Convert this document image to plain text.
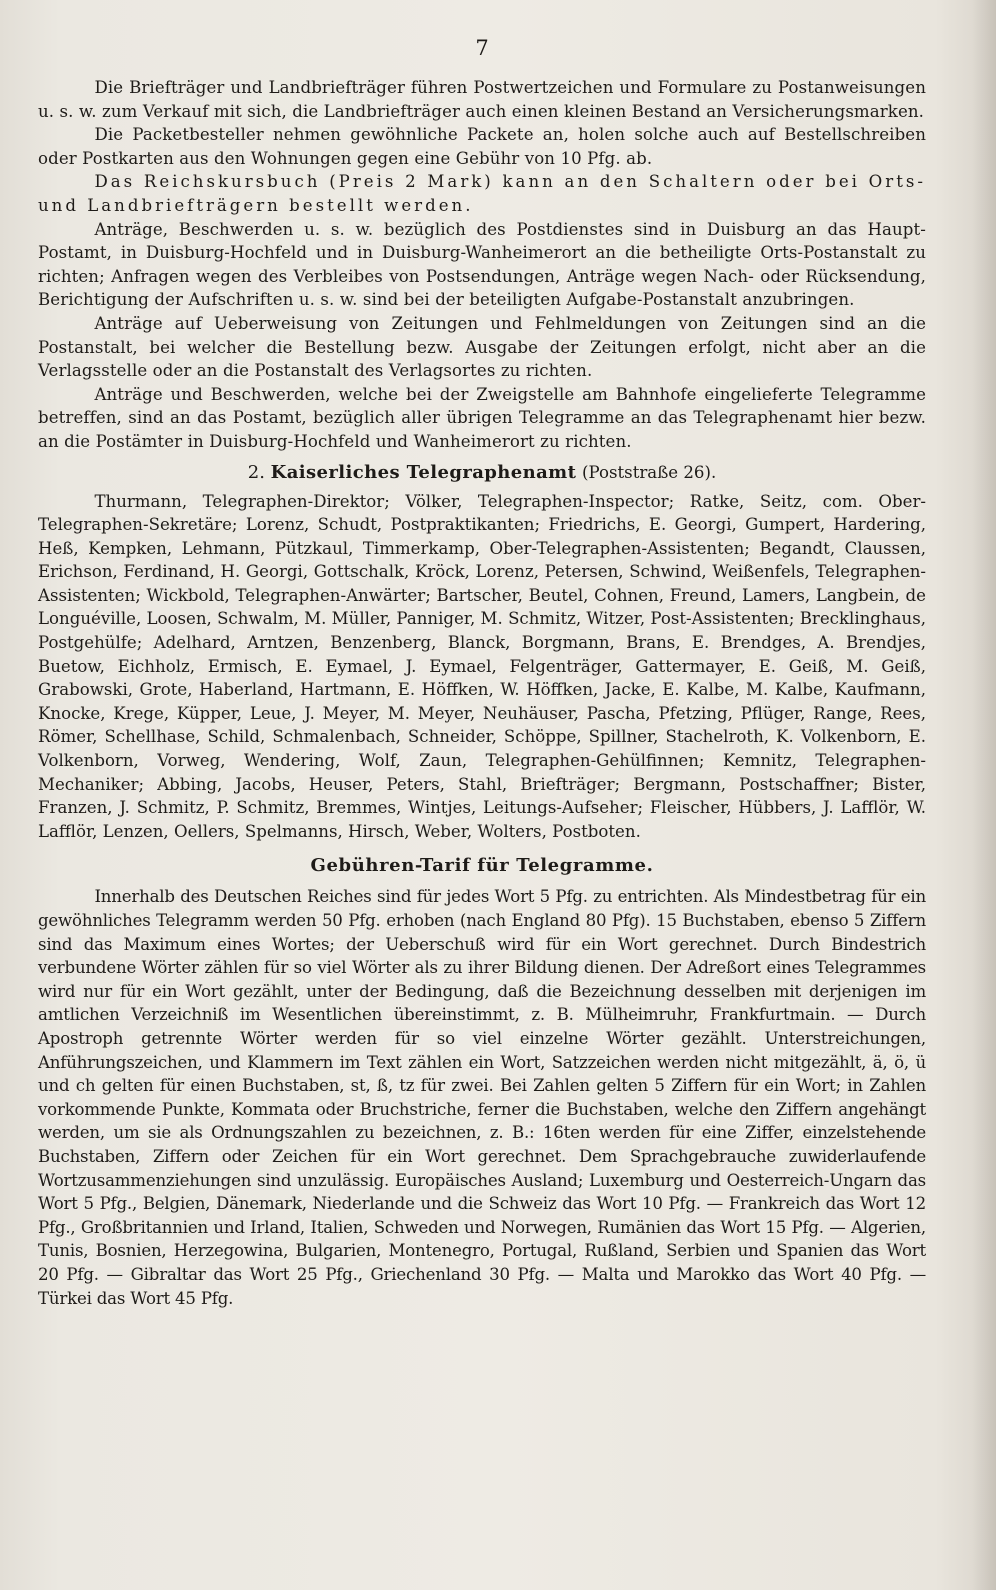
7

Die Briefträger und Landbriefträger führen Postwertzeichen und Formulare zu Postanweisungen u. s. w. zum Verkauf mit sich, die Landbriefträger auch einen kleinen Bestand an Versicherungsmarken.

Die Packetbesteller nehmen gewöhnliche Packete an, holen solche auch auf Bestellschreiben oder Postkarten aus den Wohnungen gegen eine Gebühr von 10 Pfg. ab.

Das Reichskursbuch (Preis 2 Mark) kann an den Schaltern oder bei Orts- und Landbriefträgern bestellt werden.

Anträge, Beschwerden u. s. w. bezüglich des Postdienstes sind in Duisburg an das Haupt-Postamt, in Duisburg-Hochfeld und in Duisburg-Wanheimerort an die betheiligte Orts-Postanstalt zu richten; Anfragen wegen des Verbleibes von Postsendungen, Anträge wegen Nach- oder Rücksendung, Berichtigung der Aufschriften u. s. w. sind bei der beteiligten Aufgabe-Postanstalt anzubringen.

Anträge auf Ueberweisung von Zeitungen und Fehlmeldungen von Zeitungen sind an die Postanstalt, bei welcher die Bestellung bezw. Ausgabe der Zeitungen erfolgt, nicht aber an die Verlagsstelle oder an die Postanstalt des Verlagsortes zu richten.

Anträge und Beschwerden, welche bei der Zweigstelle am Bahnhofe eingelieferte Telegramme betreffen, sind an das Postamt, bezüglich aller übrigen Telegramme an das Telegraphenamt hier bezw. an die Postämter in Duisburg-Hochfeld und Wanheimerort zu richten.

2. Kaiserliches Telegraphenamt (Poststraße 26).

Thurmann, Telegraphen-Direktor; Völker, Telegraphen-Inspector; Ratke, Seitz, com. Ober-Telegraphen-Sekretäre; Lorenz, Schudt, Postpraktikanten; Friedrichs, E. Georgi, Gumpert, Hardering, Heß, Kempken, Lehmann, Pützkaul, Timmerkamp, Ober-Telegraphen-Assistenten; Begandt, Claussen, Erichson, Ferdinand, H. Georgi, Gottschalk, Kröck, Lorenz, Petersen, Schwind, Weißenfels, Telegraphen-Assistenten; Wickbold, Telegraphen-Anwärter; Bartscher, Beutel, Cohnen, Freund, Lamers, Langbein, de Longuéville, Loosen, Schwalm, M. Müller, Panniger, M. Schmitz, Witzer, Post-Assistenten; Brecklinghaus, Postgehülfe; Adelhard, Arntzen, Benzenberg, Blanck, Borgmann, Brans, E. Brendges, A. Brendjes, Buetow, Eichholz, Ermisch, E. Eymael, J. Eymael, Felgenträger, Gattermayer, E. Geiß, M. Geiß, Grabowski, Grote, Haberland, Hartmann, E. Höffken, W. Höffken, Jacke, E. Kalbe, M. Kalbe, Kaufmann, Knocke, Krege, Küpper, Leue, J. Meyer, M. Meyer, Neuhäuser, Pascha, Pfetzing, Pflüger, Range, Rees, Römer, Schellhase, Schild, Schmalenbach, Schneider, Schöppe, Spillner, Stachelroth, K. Volkenborn, E. Volkenborn, Vorweg, Wendering, Wolf, Zaun, Telegraphen-Gehülfinnen; Kemnitz, Telegraphen-Mechaniker; Abbing, Jacobs, Heuser, Peters, Stahl, Briefträger; Bergmann, Postschaffner; Bister, Franzen, J. Schmitz, P. Schmitz, Bremmes, Wintjes, Leitungs-Aufseher; Fleischer, Hübbers, J. Lafflör, W. Lafflör, Lenzen, Oellers, Spelmanns, Hirsch, Weber, Wolters, Postboten.

Gebühren-Tarif für Telegramme.

Innerhalb des Deutschen Reiches sind für jedes Wort 5 Pfg. zu entrichten. Als Mindestbetrag für ein gewöhnliches Telegramm werden 50 Pfg. erhoben (nach England 80 Pfg). 15 Buchstaben, ebenso 5 Ziffern sind das Maximum eines Wortes; der Ueberschuß wird für ein Wort gerechnet. Durch Bindestrich verbundene Wörter zählen für so viel Wörter als zu ihrer Bildung dienen. Der Adreßort eines Telegrammes wird nur für ein Wort gezählt, unter der Bedingung, daß die Bezeichnung desselben mit derjenigen im amtlichen Verzeichniß im Wesentlichen übereinstimmt, z. B. Mülheimruhr, Frankfurtmain. — Durch Apostroph getrennte Wörter werden für so viel einzelne Wörter gezählt. Unterstreichungen, Anführungszeichen, und Klammern im Text zählen ein Wort, Satzzeichen werden nicht mitgezählt, ä, ö, ü und ch gelten für einen Buchstaben, st, ß, tz für zwei. Bei Zahlen gelten 5 Ziffern für ein Wort; in Zahlen vorkommende Punkte, Kommata oder Bruchstriche, ferner die Buchstaben, welche den Ziffern angehängt werden, um sie als Ordnungszahlen zu bezeichnen, z. B.: 16ten werden für eine Ziffer, einzelstehende Buchstaben, Ziffern oder Zeichen für ein Wort gerechnet. Dem Sprachgebrauche zuwiderlaufende Wortzusammenziehungen sind unzulässig. Europäisches Ausland; Luxemburg und Oesterreich-Ungarn das Wort 5 Pfg., Belgien, Dänemark, Niederlande und die Schweiz das Wort 10 Pfg. — Frankreich das Wort 12 Pfg., Großbritannien und Irland, Italien, Schweden und Norwegen, Rumänien das Wort 15 Pfg. — Algerien, Tunis, Bosnien, Herzegowina, Bulgarien, Montenegro, Portugal, Rußland, Serbien und Spanien das Wort 20 Pfg. — Gibraltar das Wort 25 Pfg., Griechenland 30 Pfg. — Malta und Marokko das Wort 40 Pfg. — Türkei das Wort 45 Pfg.
